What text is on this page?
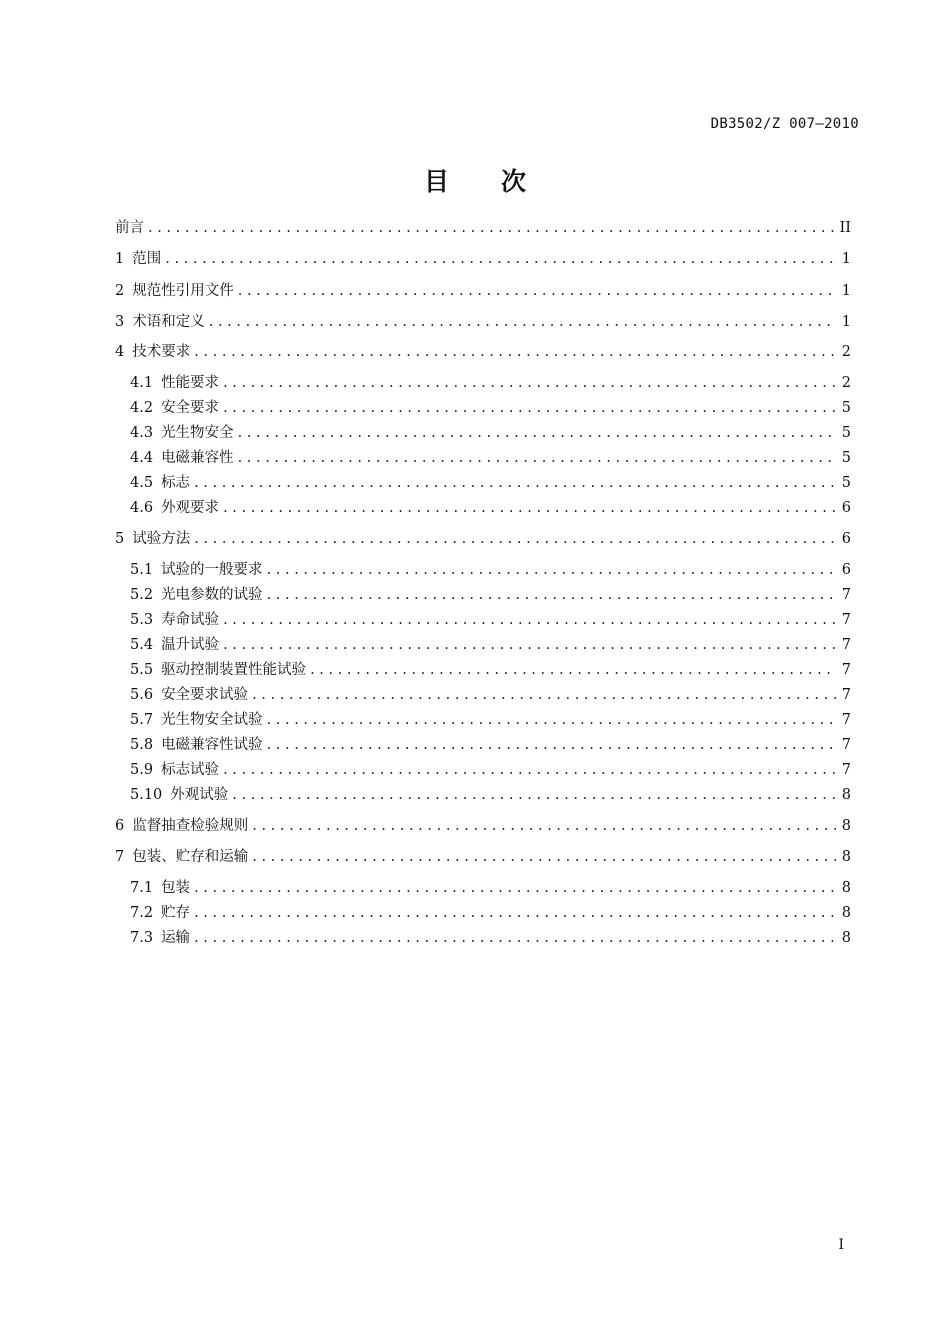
DB3502/Z 007—2010
目次
前言 . . .	II
1 范围 . . .	1
2 规范性引用文件 . . .	1
3 术语和定义 . . .	1
4 技术要求 . . .	2
4.1 性能要求 . . .	2
4.2 安全要求 . . .	5
4.3 光生物安全 . . .	5
4.4 电磁兼容性 . . .	5
4.5 标志 . . .	5
4.6 外观要求 . . .	6
5 试验方法 . . .	6
5.1 试验的一般要求 . . .	6
5.2 光电参数的试验 . . .	7
5.3 寿命试验 . . .	7
5.4 温升试验 . . .	7
5.5 驱动控制装置性能试验 . . .	7
5.6 安全要求试验 . . .	7
5.7 光生物安全试验 . . .	7
5.8 电磁兼容性试验 . . .	7
5.9 标志试验 . . .	7
5.10 外观试验 . . .	8
6 监督抽查检验规则 . . .	8
7 包装、贮存和运输 . . .	8
7.1 包装 . . .	8
7.2 贮存 . . .	8
7.3 运输 . . .	8
I
